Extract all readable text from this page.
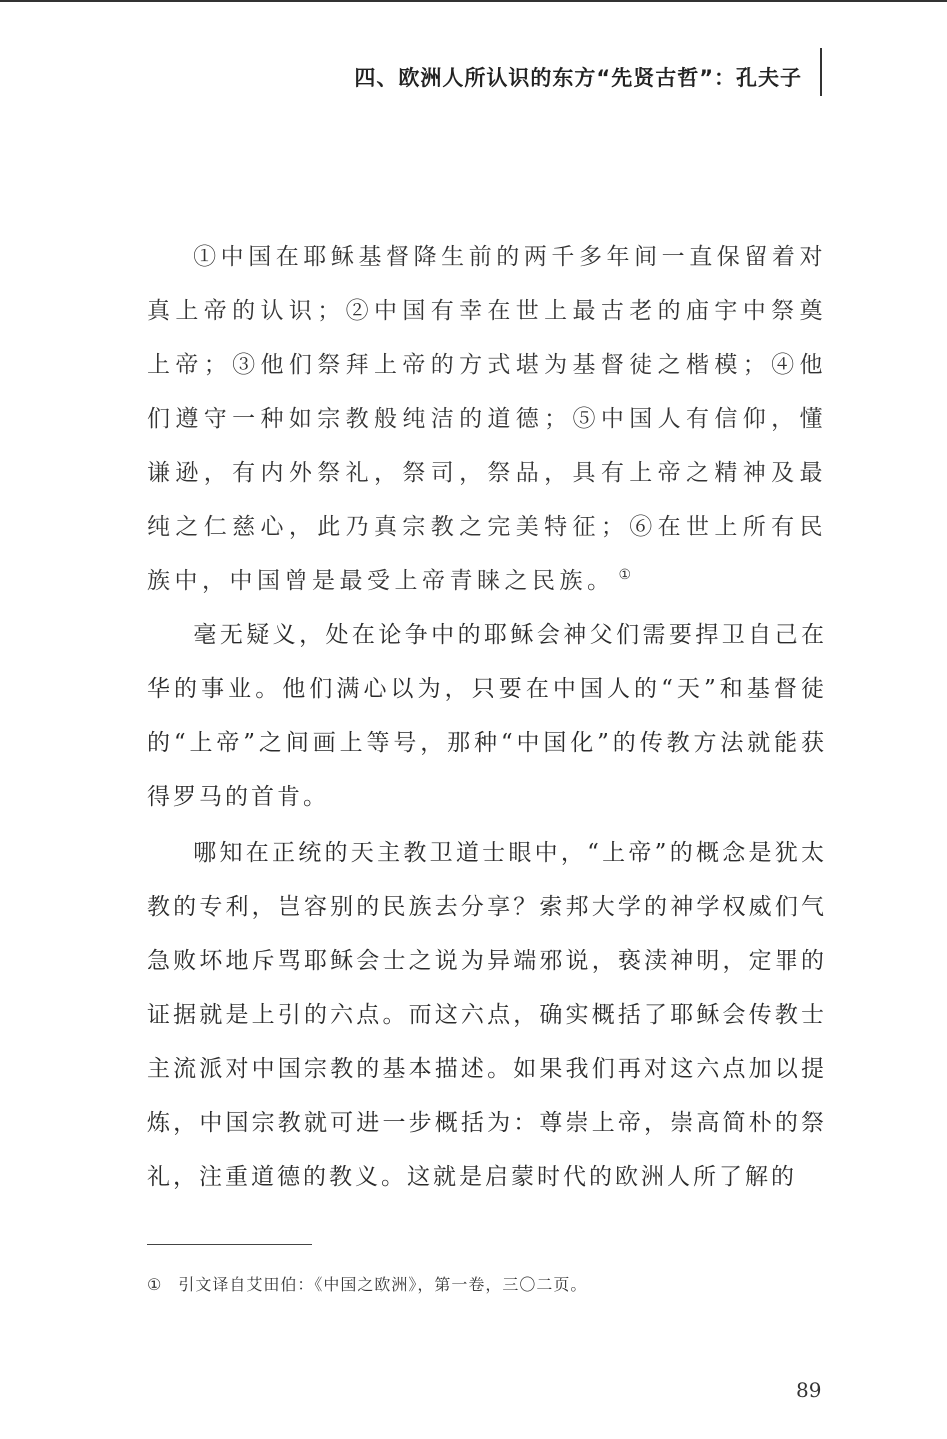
四、欧洲人所认识的东方“先贤古哲”：孔夫子

①中国在耶稣基督降生前的两千多年间一直保留着对真上帝的认识；②中国有幸在世上最古老的庙宇中祭奠上帝；③他们祭拜上帝的方式堪为基督徒之楷模；④他们遵守一种如宗教般纯洁的道德；⑤中国人有信仰，懂谦逊，有内外祭礼，祭司，祭品，具有上帝之精神及最纯之仁慈心，此乃真宗教之完美特征；⑥在世上所有民族中，中国曾是最受上帝青睐之民族。 ①

毫无疑义，处在论争中的耶稣会神父们需要捍卫自己在华的事业。他们满心以为，只要在中国人的“天”和基督徒的“上帝”之间画上等号，那种“中国化”的传教方法就能获得罗马的首肯。

哪知在正统的天主教卫道士眼中，“上帝”的概念是犹太教的专利，岂容别的民族去分享？索邦大学的神学权威们气急败坏地斥骂耶稣会士之说为异端邪说，亵渎神明，定罪的证据就是上引的六点。而这六点，确实概括了耶稣会传教士主流派对中国宗教的基本描述。如果我们再对这六点加以提炼，中国宗教就可进一步概括为：尊崇上帝，崇高简朴的祭礼，注重道德的教义。这就是启蒙时代的欧洲人所了解的

① 引文译自艾田伯：《中国之欧洲》，第一卷，三〇二页。
89
